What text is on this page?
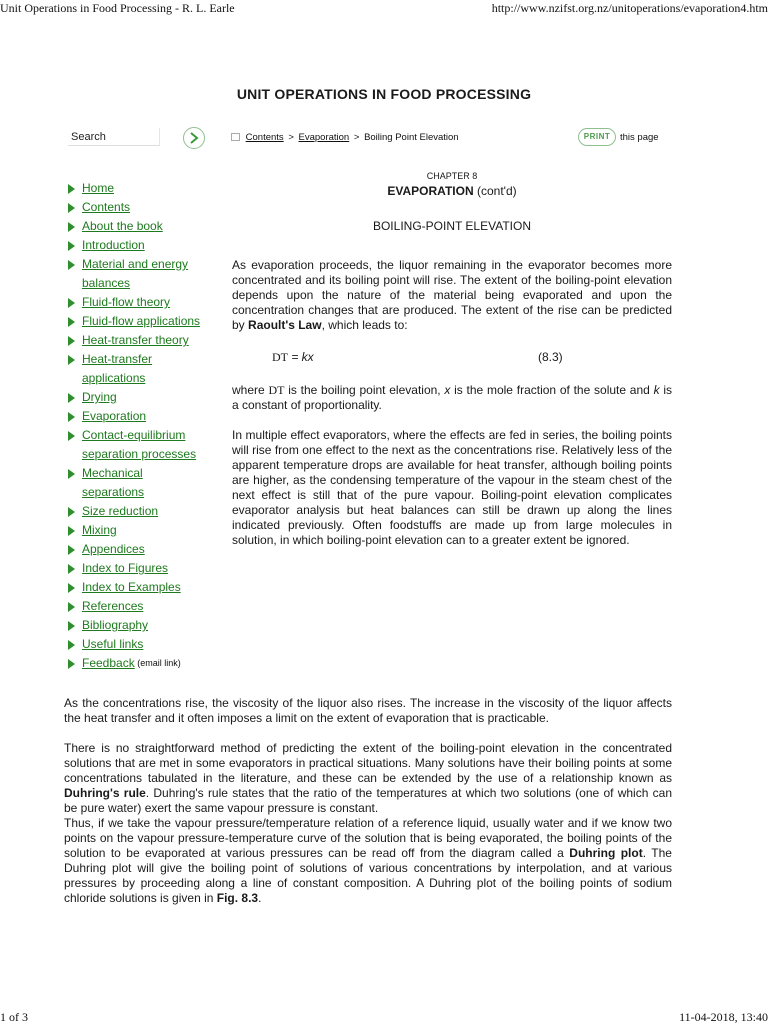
Unit Operations in Food Processing - R. L. Earle	http://www.nzifst.org.nz/unitoperations/evaporation4.htm
UNIT OPERATIONS IN FOOD PROCESSING
Search	Contents > Evaporation > Boiling Point Elevation	PRINT	this page
Home
Contents
About the book
Introduction
Material and energy
balances
Fluid-flow theory
Fluid-flow applications
Heat-transfer theory
Heat-transfer
applications
Drying
Evaporation
Contact-equilibrium
separation processes
Mechanical
separations
Size reduction
Mixing
Appendices
Index to Figures
Index to Examples
References
Bibliography
Useful links
Feedback (email link)
CHAPTER 8
EVAPORATION (cont'd)
BOILING-POINT ELEVATION

As evaporation proceeds, the liquor remaining in the evaporator becomes more concentrated and its boiling point will rise. The extent of the boiling-point elevation depends upon the nature of the material being evaporated and upon the concentration changes that are produced. The extent of the rise can be predicted by Raoult's Law, which leads to:

DT = kx	(8.3)

where DT is the boiling point elevation, x is the mole fraction of the solute and k is a constant of proportionality.

In multiple effect evaporators, where the effects are fed in series, the boiling points will rise from one effect to the next as the concentrations rise. Relatively less of the apparent temperature drops are available for heat transfer, although boiling points are higher, as the condensing temperature of the vapour in the steam chest of the next effect is still that of the pure vapour. Boiling-point elevation complicates evaporator analysis but heat balances can still be drawn up along the lines indicated previously. Often foodstuffs are made up from large molecules in solution, in which boiling-point elevation can to a greater extent be ignored.

As the concentrations rise, the viscosity of the liquor also rises. The increase in the viscosity of the liquor affects the heat transfer and it often imposes a limit on the extent of evaporation that is practicable.

There is no straightforward method of predicting the extent of the boiling-point elevation in the concentrated solutions that are met in some evaporators in practical situations. Many solutions have their boiling points at some concentrations tabulated in the literature, and these can be extended by the use of a relationship known as Duhring's rule. Duhring's rule states that the ratio of the temperatures at which two solutions (one of which can be pure water) exert the same vapour pressure is constant.

Thus, if we take the vapour pressure/temperature relation of a reference liquid, usually water and if we know two points on the vapour pressure-temperature curve of the solution that is being evaporated, the boiling points of the solution to be evaporated at various pressures can be read off from the diagram called a Duhring plot. The Duhring plot will give the boiling point of solutions of various concentrations by interpolation, and at various pressures by proceeding along a line of constant composition. A Duhring plot of the boiling points of sodium chloride solutions is given in Fig. 8.3.

1 of 3	11-04-2018, 13:40
